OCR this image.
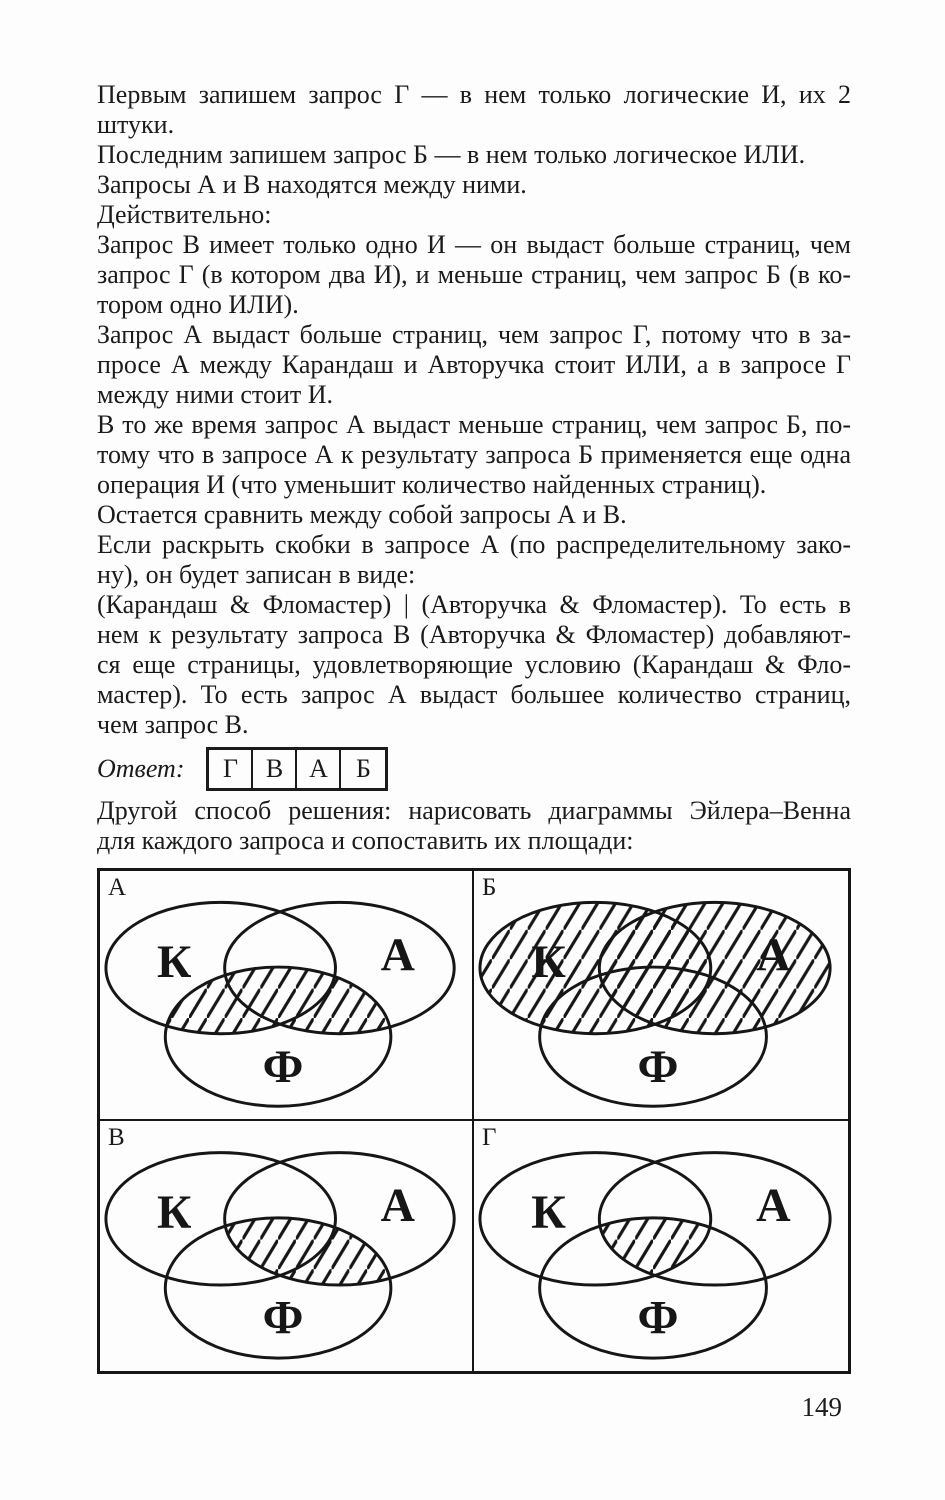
Первым запишем запрос Г — в нем только логические И, их 2
штуки.
Последним запишем запрос Б — в нем только логическое ИЛИ.
Запросы А и В находятся между ними.
Действительно:
Запрос В имеет только одно И — он выдаст больше страниц, чем
запрос Г (в котором два И), и меньше страниц, чем запрос Б (в ко-
тором одно ИЛИ).
Запрос А выдаст больше страниц, чем запрос Г, потому что в за-
просе А между Карандаш и Авторучка стоит ИЛИ, а в запросе Г
между ними стоит И.
В то же время запрос А выдаст меньше страниц, чем запрос Б, по-
тому что в запросе А к результату запроса Б применяется еще одна
операция И (что уменьшит количество найденных страниц).
Остается сравнить между собой запросы А и В.
Если раскрыть скобки в запросе А (по распределительному зако-
ну), он будет записан в виде:
(Карандаш & Фломастер) | (Авторучка & Фломастер). То есть в
нем к результату запроса В (Авторучка & Фломастер) добавляют-
ся еще страницы, удовлетворяющие условию (Карандаш & Фло-
мастер). То есть запрос А выдаст большее количество страниц,
чем запрос В.
Ответ:	Г	В А	Б
Другой способ решения: нарисовать диаграммы Эйлера–Венна
для каждого запроса и сопоставить их площади:
К	А
Ф
А
К	А
Ф
Б
К	А
Ф
В
К	А
Ф
Г
149
